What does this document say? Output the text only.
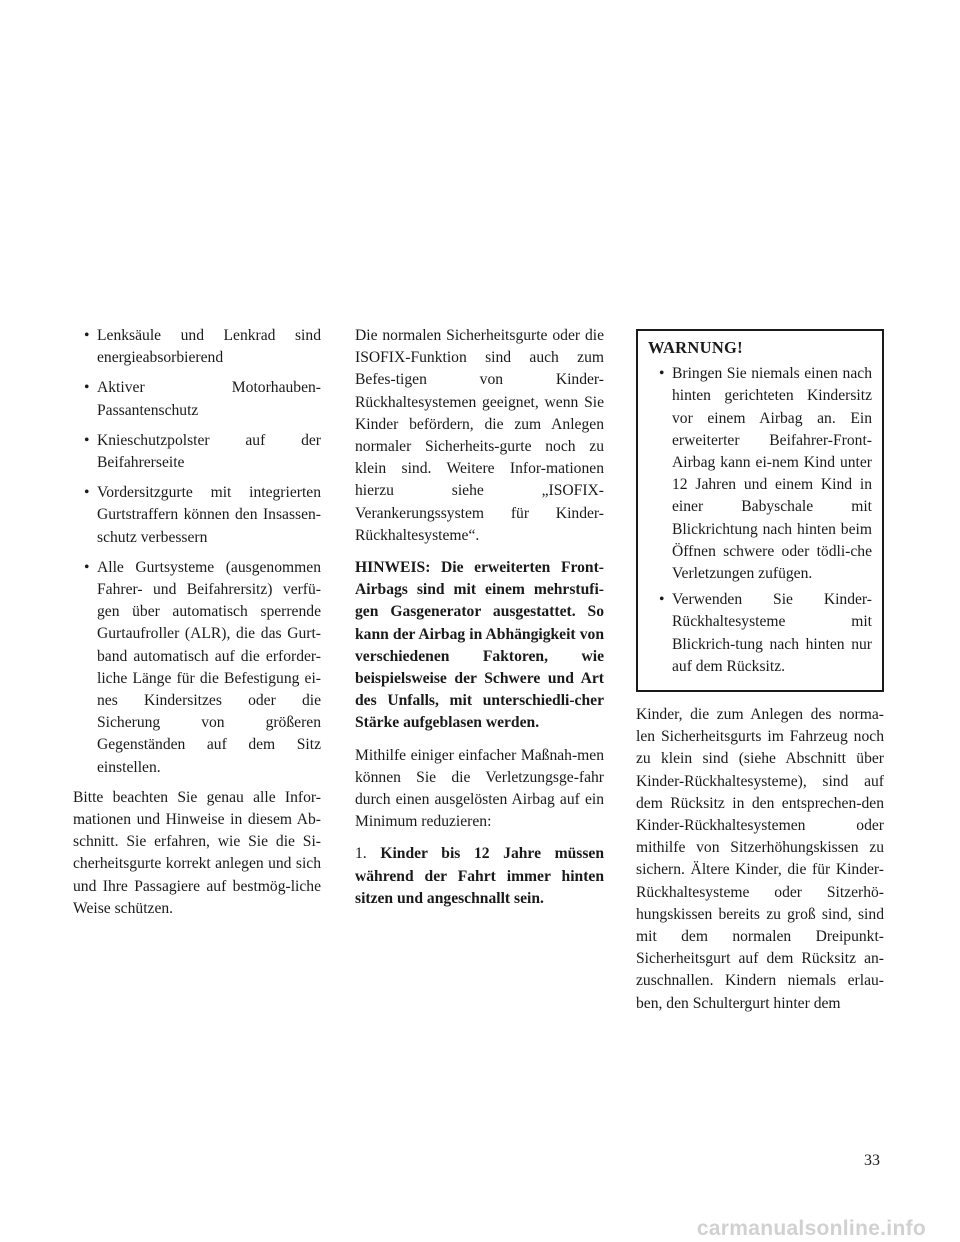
• Lenksäule und Lenkrad sind energieabsorbierend
• Aktiver Motorhauben-Passantenschutz
• Knieschutzpolster auf der Beifahrerseite
• Vordersitzgurte mit integrierten Gurtstraffern können den Insassen-schutz verbessern
• Alle Gurtsysteme (ausgenommen Fahrer- und Beifahrersitz) verfü-gen über automatisch sperrende Gurtaufroller (ALR), die das Gurt-band automatisch auf die erforder-liche Länge für die Befestigung ei-nes Kindersitzes oder die Sicherung von größeren Gegenständen auf dem Sitz einstellen.

Bitte beachten Sie genau alle Infor-mationen und Hinweise in diesem Ab-schnitt. Sie erfahren, wie Sie die Si-cherheitsgurte korrekt anlegen und sich und Ihre Passagiere auf bestmög-liche Weise schützen.

Die normalen Sicherheitsgurte oder die ISOFIX-Funktion sind auch zum Befes-tigen von Kinder-Rückhaltesystemen geeignet, wenn Sie Kinder befördern, die zum Anlegen normaler Sicherheits-gurte noch zu klein sind. Weitere Infor-mationen hierzu siehe „ISOFIX-Verankerungssystem für Kinder-Rückhaltesysteme“.

HINWEIS: Die erweiterten Front-Airbags sind mit einem mehrstufi-gen Gasgenerator ausgestattet. So kann der Airbag in Abhängigkeit von verschiedenen Faktoren, wie beispielsweise der Schwere und Art des Unfalls, mit unterschiedli-cher Stärke aufgeblasen werden.

Mithilfe einiger einfacher Maßnah-men können Sie die Verletzungsge-fahr durch einen ausgelösten Airbag auf ein Minimum reduzieren:

1. Kinder bis 12 Jahre müssen während der Fahrt immer hinten sitzen und angeschnallt sein.

WARNUNG!
• Bringen Sie niemals einen nach hinten gerichteten Kindersitz vor einem Airbag an. Ein erweiterter Beifahrer-Front-Airbag kann ei-nem Kind unter 12 Jahren und einem Kind in einer Babyschale mit Blickrichtung nach hinten beim Öffnen schwere oder tödli-che Verletzungen zufügen.
• Verwenden Sie Kinder-Rückhaltesysteme mit Blickrich-tung nach hinten nur auf dem Rücksitz.

Kinder, die zum Anlegen des norma-len Sicherheitsgurts im Fahrzeug noch zu klein sind (siehe Abschnitt über Kinder-Rückhaltesysteme), sind auf dem Rücksitz in den entsprechen-den Kinder-Rückhaltesystemen oder mithilfe von Sitzerhöhungskissen zu sichern. Ältere Kinder, die für Kinder-Rückhaltesysteme oder Sitzerhö-hungskissen bereits zu groß sind, sind mit dem normalen Dreipunkt-Sicherheitsgurt auf dem Rücksitz an-zuschnallen. Kindern niemals erlau-ben, den Schultergurt hinter dem

33
carmanualsonline.info
